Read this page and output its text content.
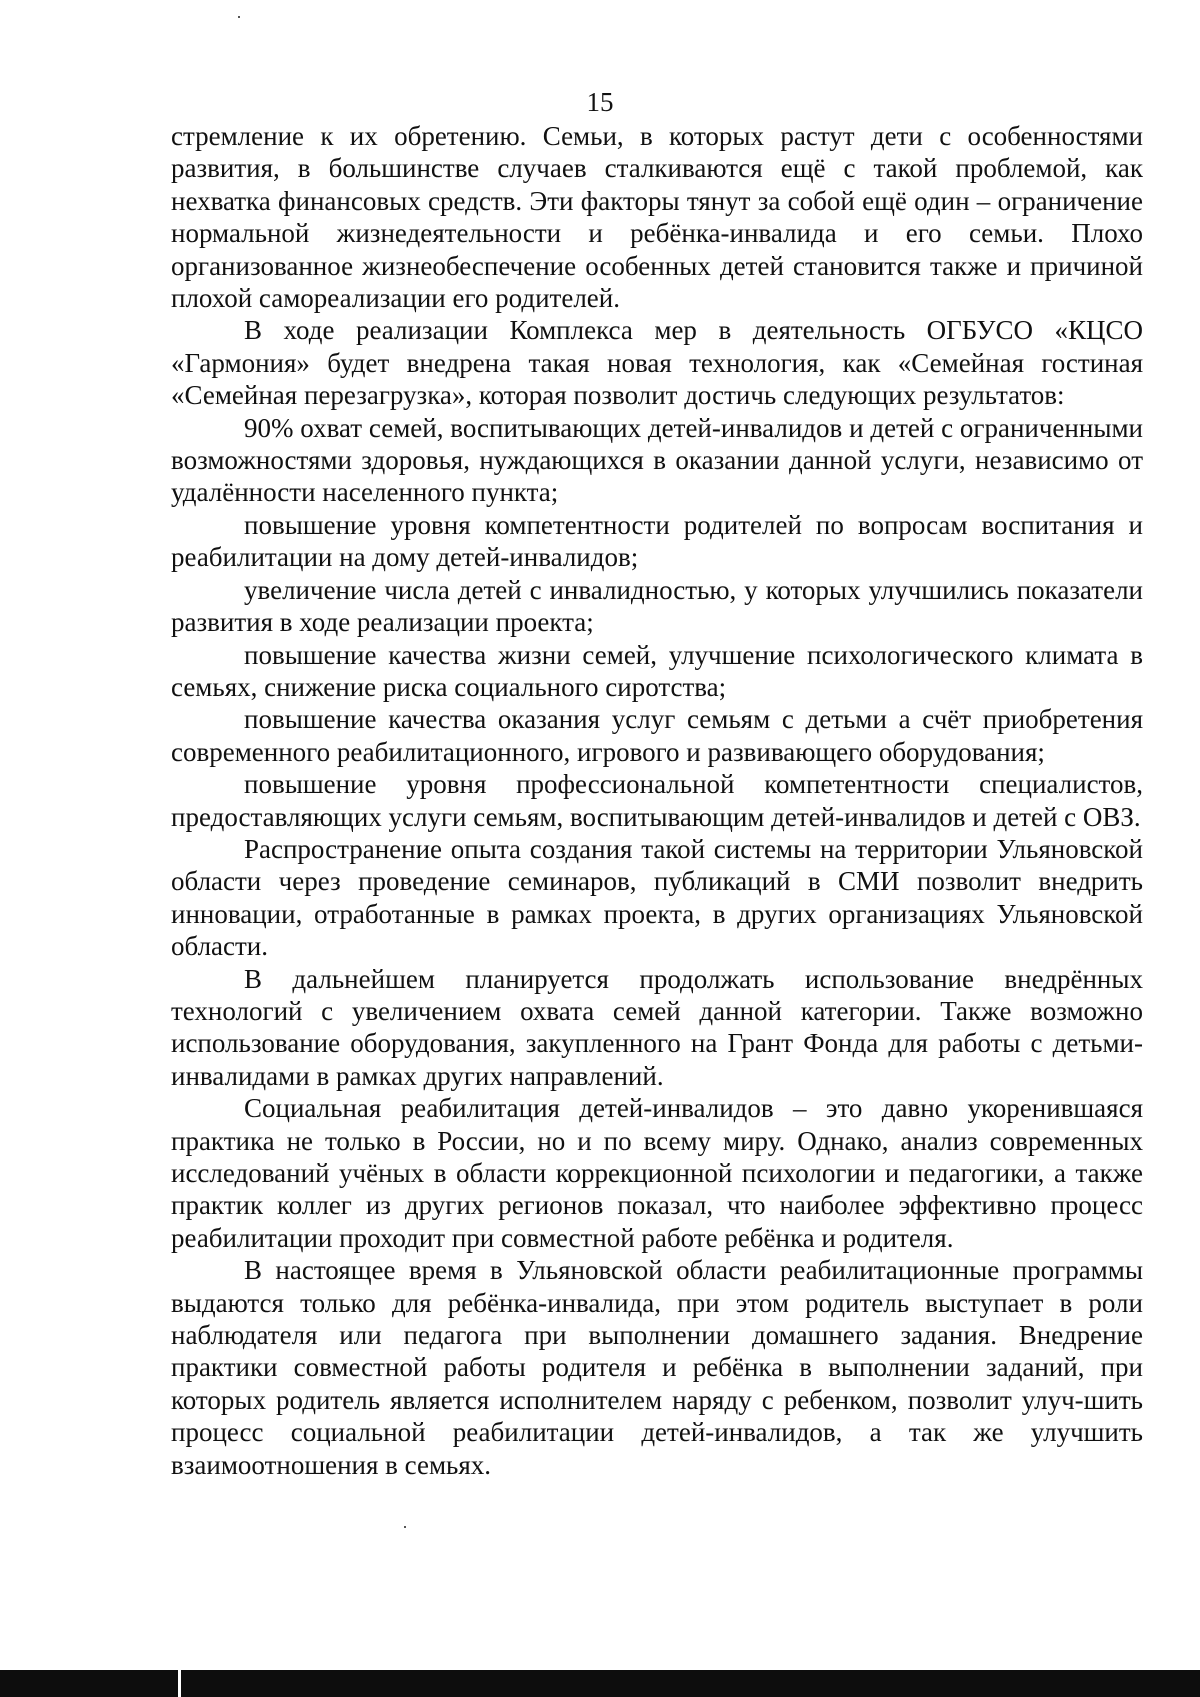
15

стремление к их обретению. Семьи, в которых растут дети с особенностями развития, в большинстве случаев сталкиваются ещё с такой проблемой, как нехватка финансовых средств. Эти факторы тянут за собой ещё один – ограничение нормальной жизнедеятельности и ребёнка-инвалида и его семьи. Плохо организованное жизнеобеспечение особенных детей становится также и причиной плохой самореализации его родителей.

В ходе реализации Комплекса мер в деятельность ОГБУСО «КЦСО «Гармония» будет внедрена такая новая технология, как «Семейная гостиная «Семейная перезагрузка», которая позволит достичь следующих результатов:

90% охват семей, воспитывающих детей-инвалидов и детей с ограниченными возможностями здоровья, нуждающихся в оказании данной услуги, независимо от удалённости населенного пункта;

повышение уровня компетентности родителей по вопросам воспитания и реабилитации на дому детей-инвалидов;

увеличение числа детей с инвалидностью, у которых улучшились показатели развития в ходе реализации проекта;

повышение качества жизни семей, улучшение психологического климата в семьях, снижение риска социального сиротства;

повышение качества оказания услуг семьям с детьми а счёт приобретения современного реабилитационного, игрового и развивающего оборудования;

повышение уровня профессиональной компетентности специалистов, предоставляющих услуги семьям, воспитывающим детей-инвалидов и детей с ОВЗ.

Распространение опыта создания такой системы на территории Ульяновской области через проведение семинаров, публикаций в СМИ позволит внедрить инновации, отработанные в рамках проекта, в других организациях Ульяновской области.

В дальнейшем планируется продолжать использование внедрённых технологий с увеличением охвата семей данной категории. Также возможно использование оборудования, закупленного на Грант Фонда для работы с детьми-инвалидами в рамках других направлений.

Социальная реабилитация детей-инвалидов – это давно укоренившаяся практика не только в России, но и по всему миру. Однако, анализ современных исследований учёных в области коррекционной психологии и педагогики, а также практик коллег из других регионов показал, что наиболее эффективно процесс реабилитации проходит при совместной работе ребёнка и родителя.

В настоящее время в Ульяновской области реабилитационные программы выдаются только для ребёнка-инвалида, при этом родитель выступает в роли наблюдателя или педагога при выполнении домашнего задания. Внедрение практики совместной работы родителя и ребёнка в выполнении заданий, при которых родитель является исполнителем наряду с ребенком, позволит улуч-шить процесс социальной реабилитации детей-инвалидов, а так же улучшить взаимоотношения в семьях.
